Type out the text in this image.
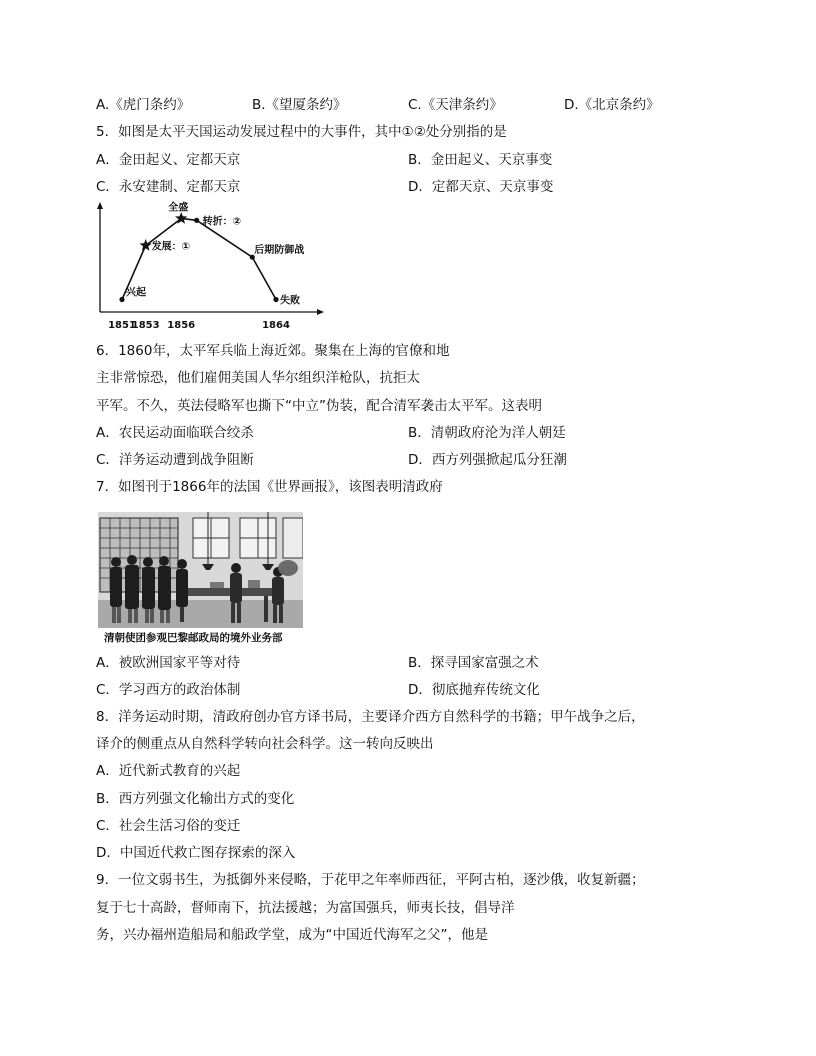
A.《虎门条约》	B.《望厦条约》	C.《天津条约》	D.《北京条约》
5．如图是太平天国运动发展过程中的大事件，其中①②处分别指的是
A．金田起义、定都天京	B．金田起义、天京事变
C．永安建制、定都天京	D．定都天京、天京事变
兴起
发展：①
全盛
转折：②
后期防御战
失败
1851
1853 1856	1864
6．1860年，太平军兵临上海近郊。聚集在上海的官僚和地
主非常惊恐，他们雇佣美国人华尔组织洋枪队，抗拒太
平军。不久，英法侵略军也撕下“中立”伪装，配合清军袭击太平军。这表明
A．农民运动面临联合绞杀	B．清朝政府沦为洋人朝廷
C．洋务运动遭到战争阻断	D．西方列强掀起瓜分狂潮
7．如图刊于1866年的法国《世界画报》，该图表明清政府
清朝使团参观巴黎邮政局的境外业务部
A．被欧洲国家平等对待	B．探寻国家富强之术
C．学习西方的政治体制	D．彻底抛弃传统文化
8．洋务运动时期，清政府创办官方译书局，主要译介西方自然科学的书籍；甲午战争之后，
译介的侧重点从自然科学转向社会科学。这一转向反映出
A．近代新式教育的兴起
B．西方列强文化输出方式的变化
C．社会生活习俗的变迁
D．中国近代救亡图存探索的深入
9．一位文弱书生，为抵御外来侵略，于花甲之年率师西征，平阿古柏，逐沙俄，收复新疆；
复于七十高龄，督师南下，抗法援越；为富国强兵，师夷长技，倡导洋
务，兴办福州造船局和船政学堂，成为“中国近代海军之父”，他是
